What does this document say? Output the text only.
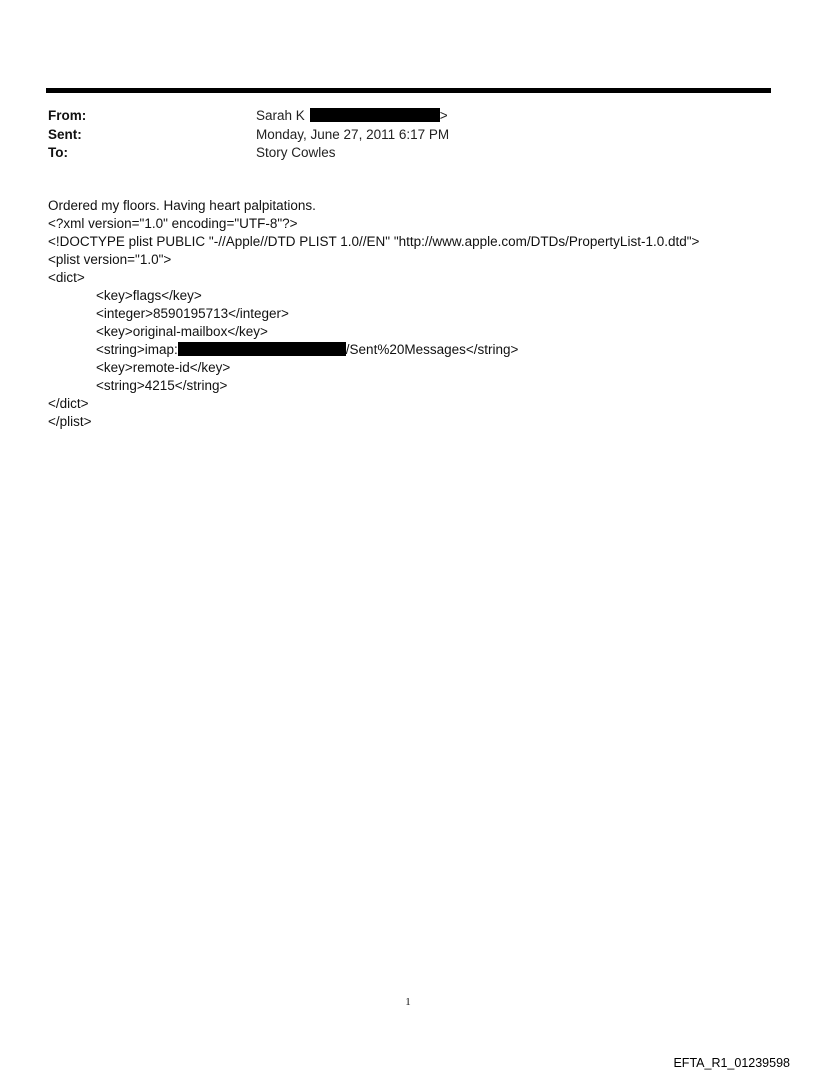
From:	Sarah K	>
Sent:	Monday, June 27, 2011 6:17 PM
To:	Story Cowles
Ordered my floors. Having heart palpitations.
<?xml version="1.0" encoding="UTF-8"?>
<!DOCTYPE plist PUBLIC "-//Apple//DTD PLIST 1.0//EN" "http://www.apple.com/DTDs/PropertyList-1.0.dtd">
<plist version="1.0">
<dict>
<key>flags</key>
<integer>8590195713</integer>
<key>original-mailbox</key>
<string>imap:	/Sent%20Messages</string>
<key>remote-id</key>
<string>4215</string>
</dict>
</plist>
1
EFTA_R1_01239598
